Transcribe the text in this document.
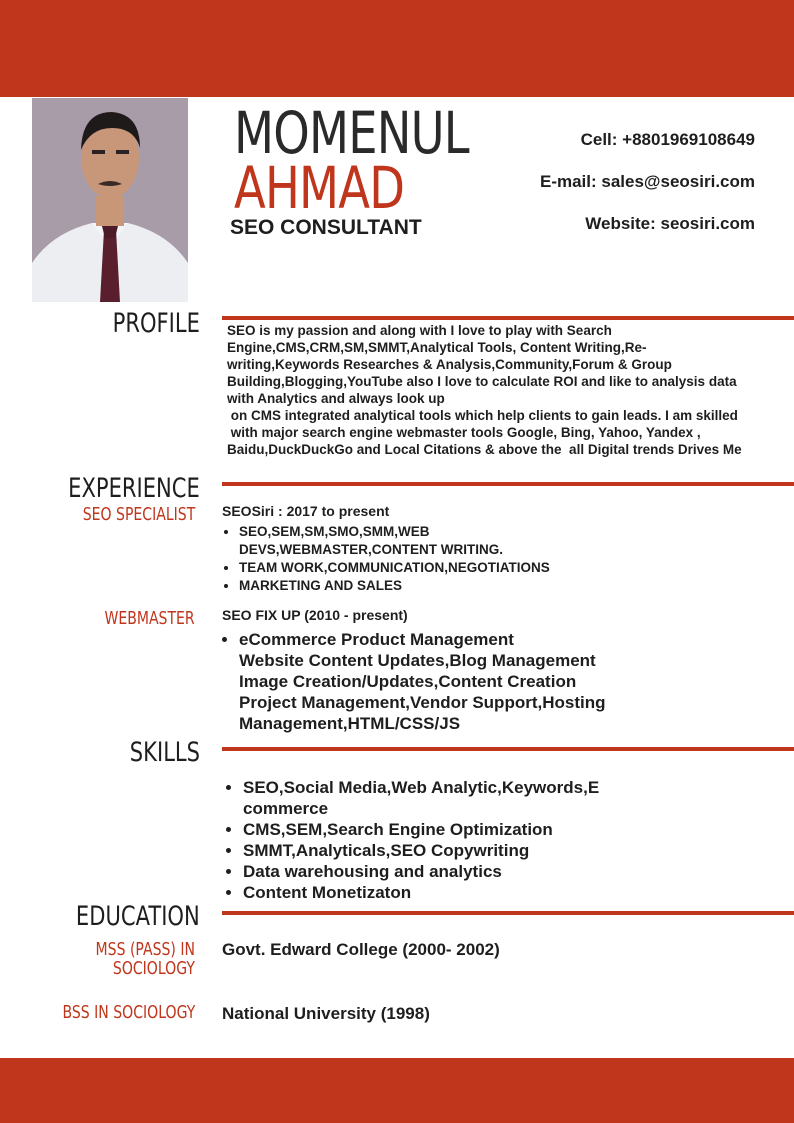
MOMENUL
AHMAD
SEO CONSULTANT
Cell: +8801969108649
E-mail: sales@seosiri.com
Website: seosiri.com
PROFILE SEO is my passion and along with I love to play with Search

Engine,CMS,CRM,SM,SMMT,Analytical Tools, Content Writing,Re-

writing,Keywords Researches & Analysis,Community,Forum & Group

Building,Blogging,YouTube also I love to calculate ROI and like to analysis data

with Analytics and always look up

on CMS integrated analytical tools which help clients to gain leads. I am skilled

with major search engine webmaster tools Google, Bing, Yahoo, Yandex ,

Baidu,DuckDuckGo and Local Citations & above the  all Digital trends Drives Me

EXPERIENCE
SEO SPECIALIST SEOSiri : 2017 to present
• SEO,SEM,SM,SMO,SMM,WEB DEVS,WEBMASTER,CONTENT WRITING.
• TEAM WORK,COMMUNICATION,NEGOTIATIONS
• MARKETING AND SALES
WEBMASTER SEO FIX UP (2010 - present)
• eCommerce Product Management
Website Content Updates,Blog Management
Image Creation/Updates,Content Creation
Project Management,Vendor Support,Hosting
Management,HTML/CSS/JS
SKILLS
• SEO,Social Media,Web Analytic,Keywords,E commerce
• CMS,SEM,Search Engine Optimization
• SMMT,Analyticals,SEO Copywriting
• Data warehousing and analytics
• Content Monetizaton
EDUCATION
MSS (PASS) IN SOCIOLOGY
Govt. Edward College (2000- 2002)
BSS IN SOCIOLOGY National University (1998)
